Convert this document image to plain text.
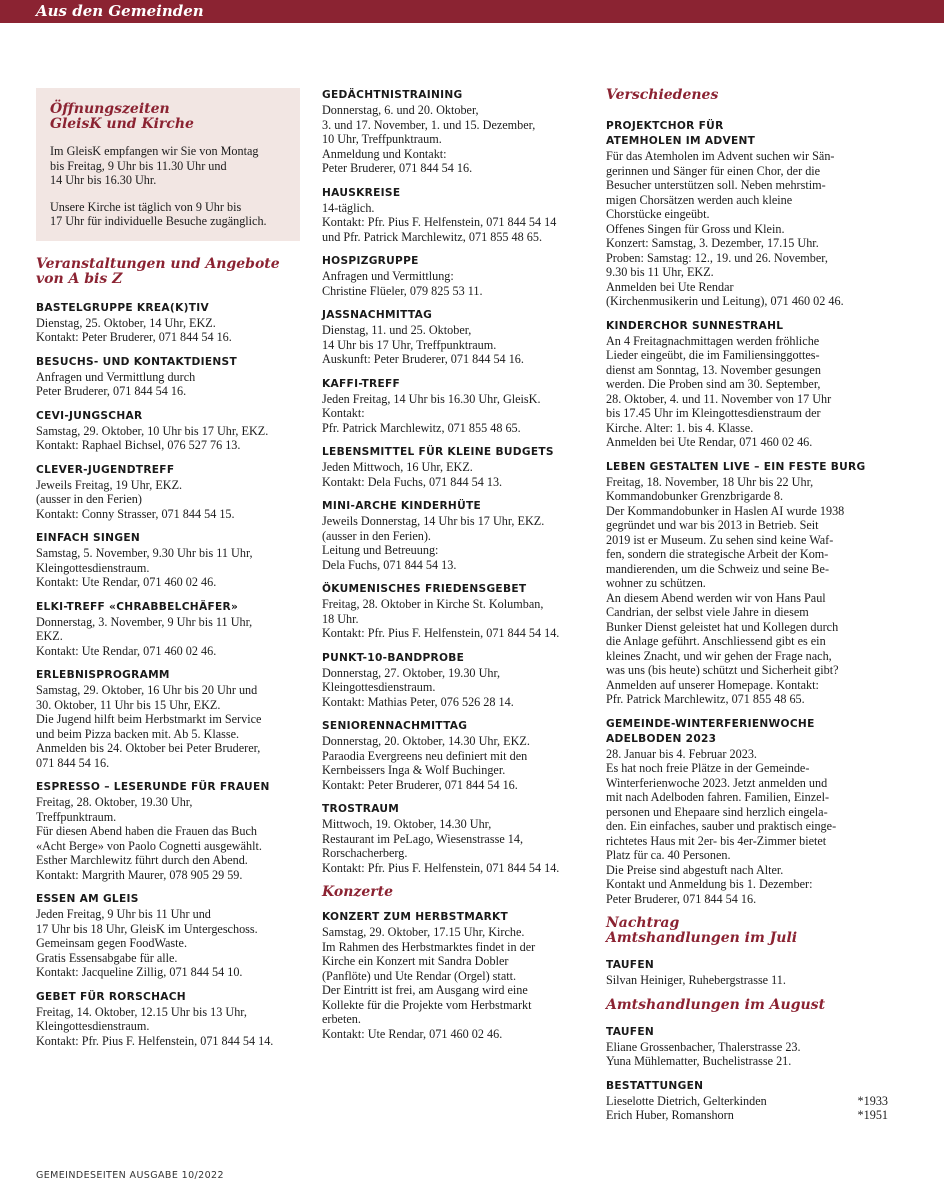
Aus den Gemeinden
Öffnungszeiten
GleisK und Kirche
Im GleisK empfangen wir Sie von Montag
bis Freitag, 9 Uhr bis 11.30 Uhr und
14 Uhr bis 16.30 Uhr.
Unsere Kirche ist täglich von 9 Uhr bis
17 Uhr für individuelle Besuche zugänglich.
Veranstaltungen und Angebote
von A bis Z
BASTELGRUPPE KREA(K)TIV
Dienstag, 25. Oktober, 14 Uhr, EKZ.
Kontakt: Peter Bruderer, 071 844 54 16.
BESUCHS- UND KONTAKTDIENST
Anfragen und Vermittlung durch
Peter Bruderer, 071 844 54 16.
CEVI-JUNGSCHAR
Samstag, 29. Oktober, 10 Uhr bis 17 Uhr, EKZ.
Kontakt: Raphael Bichsel, 076 527 76 13.
CLEVER-JUGENDTREFF
Jeweils Freitag, 19 Uhr, EKZ.
(ausser in den Ferien)
Kontakt: Conny Strasser, 071 844 54 15.
EINFACH SINGEN
Samstag, 5. November, 9.30 Uhr bis 11 Uhr,
Kleingottesdienstraum.
Kontakt: Ute Rendar, 071 460 02 46.
ELKI-TREFF «CHRABBELCHÄFER»
Donnerstag, 3. November, 9 Uhr bis 11 Uhr,
EKZ.
Kontakt: Ute Rendar, 071 460 02 46.
ERLEBNISPROGRAMM
Samstag, 29. Oktober, 16 Uhr bis 20 Uhr und
30. Oktober, 11 Uhr bis 15 Uhr, EKZ.
Die Jugend hilft beim Herbstmarkt im Service
und beim Pizza backen mit. Ab 5. Klasse.
Anmelden bis 24. Oktober bei Peter Bruderer,
071 844 54 16.
ESPRESSO – LESERUNDE FÜR FRAUEN
Freitag, 28. Oktober, 19.30 Uhr,
Treffpunktraum.
Für diesen Abend haben die Frauen das Buch
«Acht Berge» von Paolo Cognetti ausgewählt.
Esther Marchlewitz führt durch den Abend.
Kontakt: Margrith Maurer, 078 905 29 59.
ESSEN AM GLEIS
Jeden Freitag, 9 Uhr bis 11 Uhr und
17 Uhr bis 18 Uhr, GleisK im Untergeschoss.
Gemeinsam gegen FoodWaste.
Gratis Essensabgabe für alle.
Kontakt: Jacqueline Zillig, 071 844 54 10.
GEBET FÜR RORSCHACH
Freitag, 14. Oktober, 12.15 Uhr bis 13 Uhr,
Kleingottesdienstraum.
Kontakt: Pfr. Pius F. Helfenstein, 071 844 54 14.
GEDÄCHTNISTRAINING
Donnerstag, 6. und 20. Oktober,
3. und 17. November, 1. und 15. Dezember,
10 Uhr, Treffpunktraum.
Anmeldung und Kontakt:
Peter Bruderer, 071 844 54 16.
HAUSKREISE
14-täglich.
Kontakt: Pfr. Pius F. Helfenstein, 071 844 54 14
und Pfr. Patrick Marchlewitz, 071 855 48 65.
HOSPIZGRUPPE
Anfragen und Vermittlung:
Christine Flüeler, 079 825 53 11.
JASSNACHMITTAG
Dienstag, 11. und 25. Oktober,
14 Uhr bis 17 Uhr, Treffpunktraum.
Auskunft: Peter Bruderer, 071 844 54 16.
KAFFI-TREFF
Jeden Freitag, 14 Uhr bis 16.30 Uhr, GleisK.
Kontakt:
Pfr. Patrick Marchlewitz, 071 855 48 65.
LEBENSMITTEL FÜR KLEINE BUDGETS
Jeden Mittwoch, 16 Uhr, EKZ.
Kontakt: Dela Fuchs, 071 844 54 13.
MINI-ARCHE KINDERHÜTE
Jeweils Donnerstag, 14 Uhr bis 17 Uhr, EKZ.
(ausser in den Ferien).
Leitung und Betreuung:
Dela Fuchs, 071 844 54 13.
ÖKUMENISCHES FRIEDENSGEBET
Freitag, 28. Oktober in Kirche St. Kolumban,
18 Uhr.
Kontakt: Pfr. Pius F. Helfenstein, 071 844 54 14.
PUNKT-10-BANDPROBE
Donnerstag, 27. Oktober, 19.30 Uhr,
Kleingottesdienstraum.
Kontakt: Mathias Peter, 076 526 28 14.
SENIORENNACHMITTAG
Donnerstag, 20. Oktober, 14.30 Uhr, EKZ.
Paraodia Evergreens neu definiert mit den
Kernbeissers Inga & Wolf Buchinger.
Kontakt: Peter Bruderer, 071 844 54 16.
TROSTRAUM
Mittwoch, 19. Oktober, 14.30 Uhr,
Restaurant im PeLago, Wiesenstrasse 14,
Rorschacherberg.
Kontakt: Pfr. Pius F. Helfenstein, 071 844 54 14.
Konzerte
KONZERT ZUM HERBSTMARKT
Samstag, 29. Oktober, 17.15 Uhr, Kirche.
Im Rahmen des Herbstmarktes findet in der
Kirche ein Konzert mit Sandra Dobler
(Panflöte) und Ute Rendar (Orgel) statt.
Der Eintritt ist frei, am Ausgang wird eine
Kollekte für die Projekte vom Herbstmarkt
erbeten.
Kontakt: Ute Rendar, 071 460 02 46.
Verschiedenes
PROJEKTCHOR FÜR
ATEMHOLEN IM ADVENT
Für das Atemholen im Advent suchen wir Sän-
gerinnen und Sänger für einen Chor, der die
Besucher unterstützen soll. Neben mehrstim-
migen Chorsätzen werden auch kleine
Chorstücke eingeübt.
Offenes Singen für Gross und Klein.
Konzert: Samstag, 3. Dezember, 17.15 Uhr.
Proben: Samstag: 12., 19. und 26. November,
9.30 bis 11 Uhr, EKZ.
Anmelden bei Ute Rendar
(Kirchenmusikerin und Leitung), 071 460 02 46.
KINDERCHOR SUNNESTRAHL
An 4 Freitagnachmittagen werden fröhliche
Lieder eingeübt, die im Familiensinggottes-
dienst am Sonntag, 13. November gesungen
werden. Die Proben sind am 30. September,
28. Oktober, 4. und 11. November von 17 Uhr
bis 17.45 Uhr im Kleingottesdienstraum der
Kirche. Alter: 1. bis 4. Klasse.
Anmelden bei Ute Rendar, 071 460 02 46.
LEBEN GESTALTEN LIVE – EIN FESTE BURG
Freitag, 18. November, 18 Uhr bis 22 Uhr,
Kommandobunker Grenzbrigarde 8.
Der Kommandobunker in Haslen AI wurde 1938
gegründet und war bis 2013 in Betrieb. Seit
2019 ist er Museum. Zu sehen sind keine Waf-
fen, sondern die strategische Arbeit der Kom-
mandierenden, um die Schweiz und seine Be-
wohner zu schützen.
An diesem Abend werden wir von Hans Paul
Candrian, der selbst viele Jahre in diesem
Bunker Dienst geleistet hat und Kollegen durch
die Anlage geführt. Anschliessend gibt es ein
kleines Znacht, und wir gehen der Frage nach,
was uns (bis heute) schützt und Sicherheit gibt?
Anmelden auf unserer Homepage. Kontakt:
Pfr. Patrick Marchlewitz, 071 855 48 65.
GEMEINDE-WINTERFERIENWOCHE
ADELBODEN 2023
28. Januar bis 4. Februar 2023.
Es hat noch freie Plätze in der Gemeinde-
Winterferienwoche 2023. Jetzt anmelden und
mit nach Adelboden fahren. Familien, Einzel-
personen und Ehepaare sind herzlich eingela-
den. Ein einfaches, sauber und praktisch einge-
richtetes Haus mit 2er- bis 4er-Zimmer bietet
Platz für ca. 40 Personen.
Die Preise sind abgestuft nach Alter.
Kontakt und Anmeldung bis 1. Dezember:
Peter Bruderer, 071 844 54 16.
Nachtrag
Amtshandlungen im Juli
TAUFEN
Silvan Heiniger, Ruhebergstrasse 11.
Amtshandlungen im August
TAUFEN
Eliane Grossenbacher, Thalerstrasse 23.
Yuna Mühlematter, Buchelistrasse 21.
BESTATTUNGEN
Lieselotte Dietrich, Gelterkinden	*1933
Erich Huber, Romanshorn	*1951
GEMEINDESEITEN AUSGABE 10/2022
